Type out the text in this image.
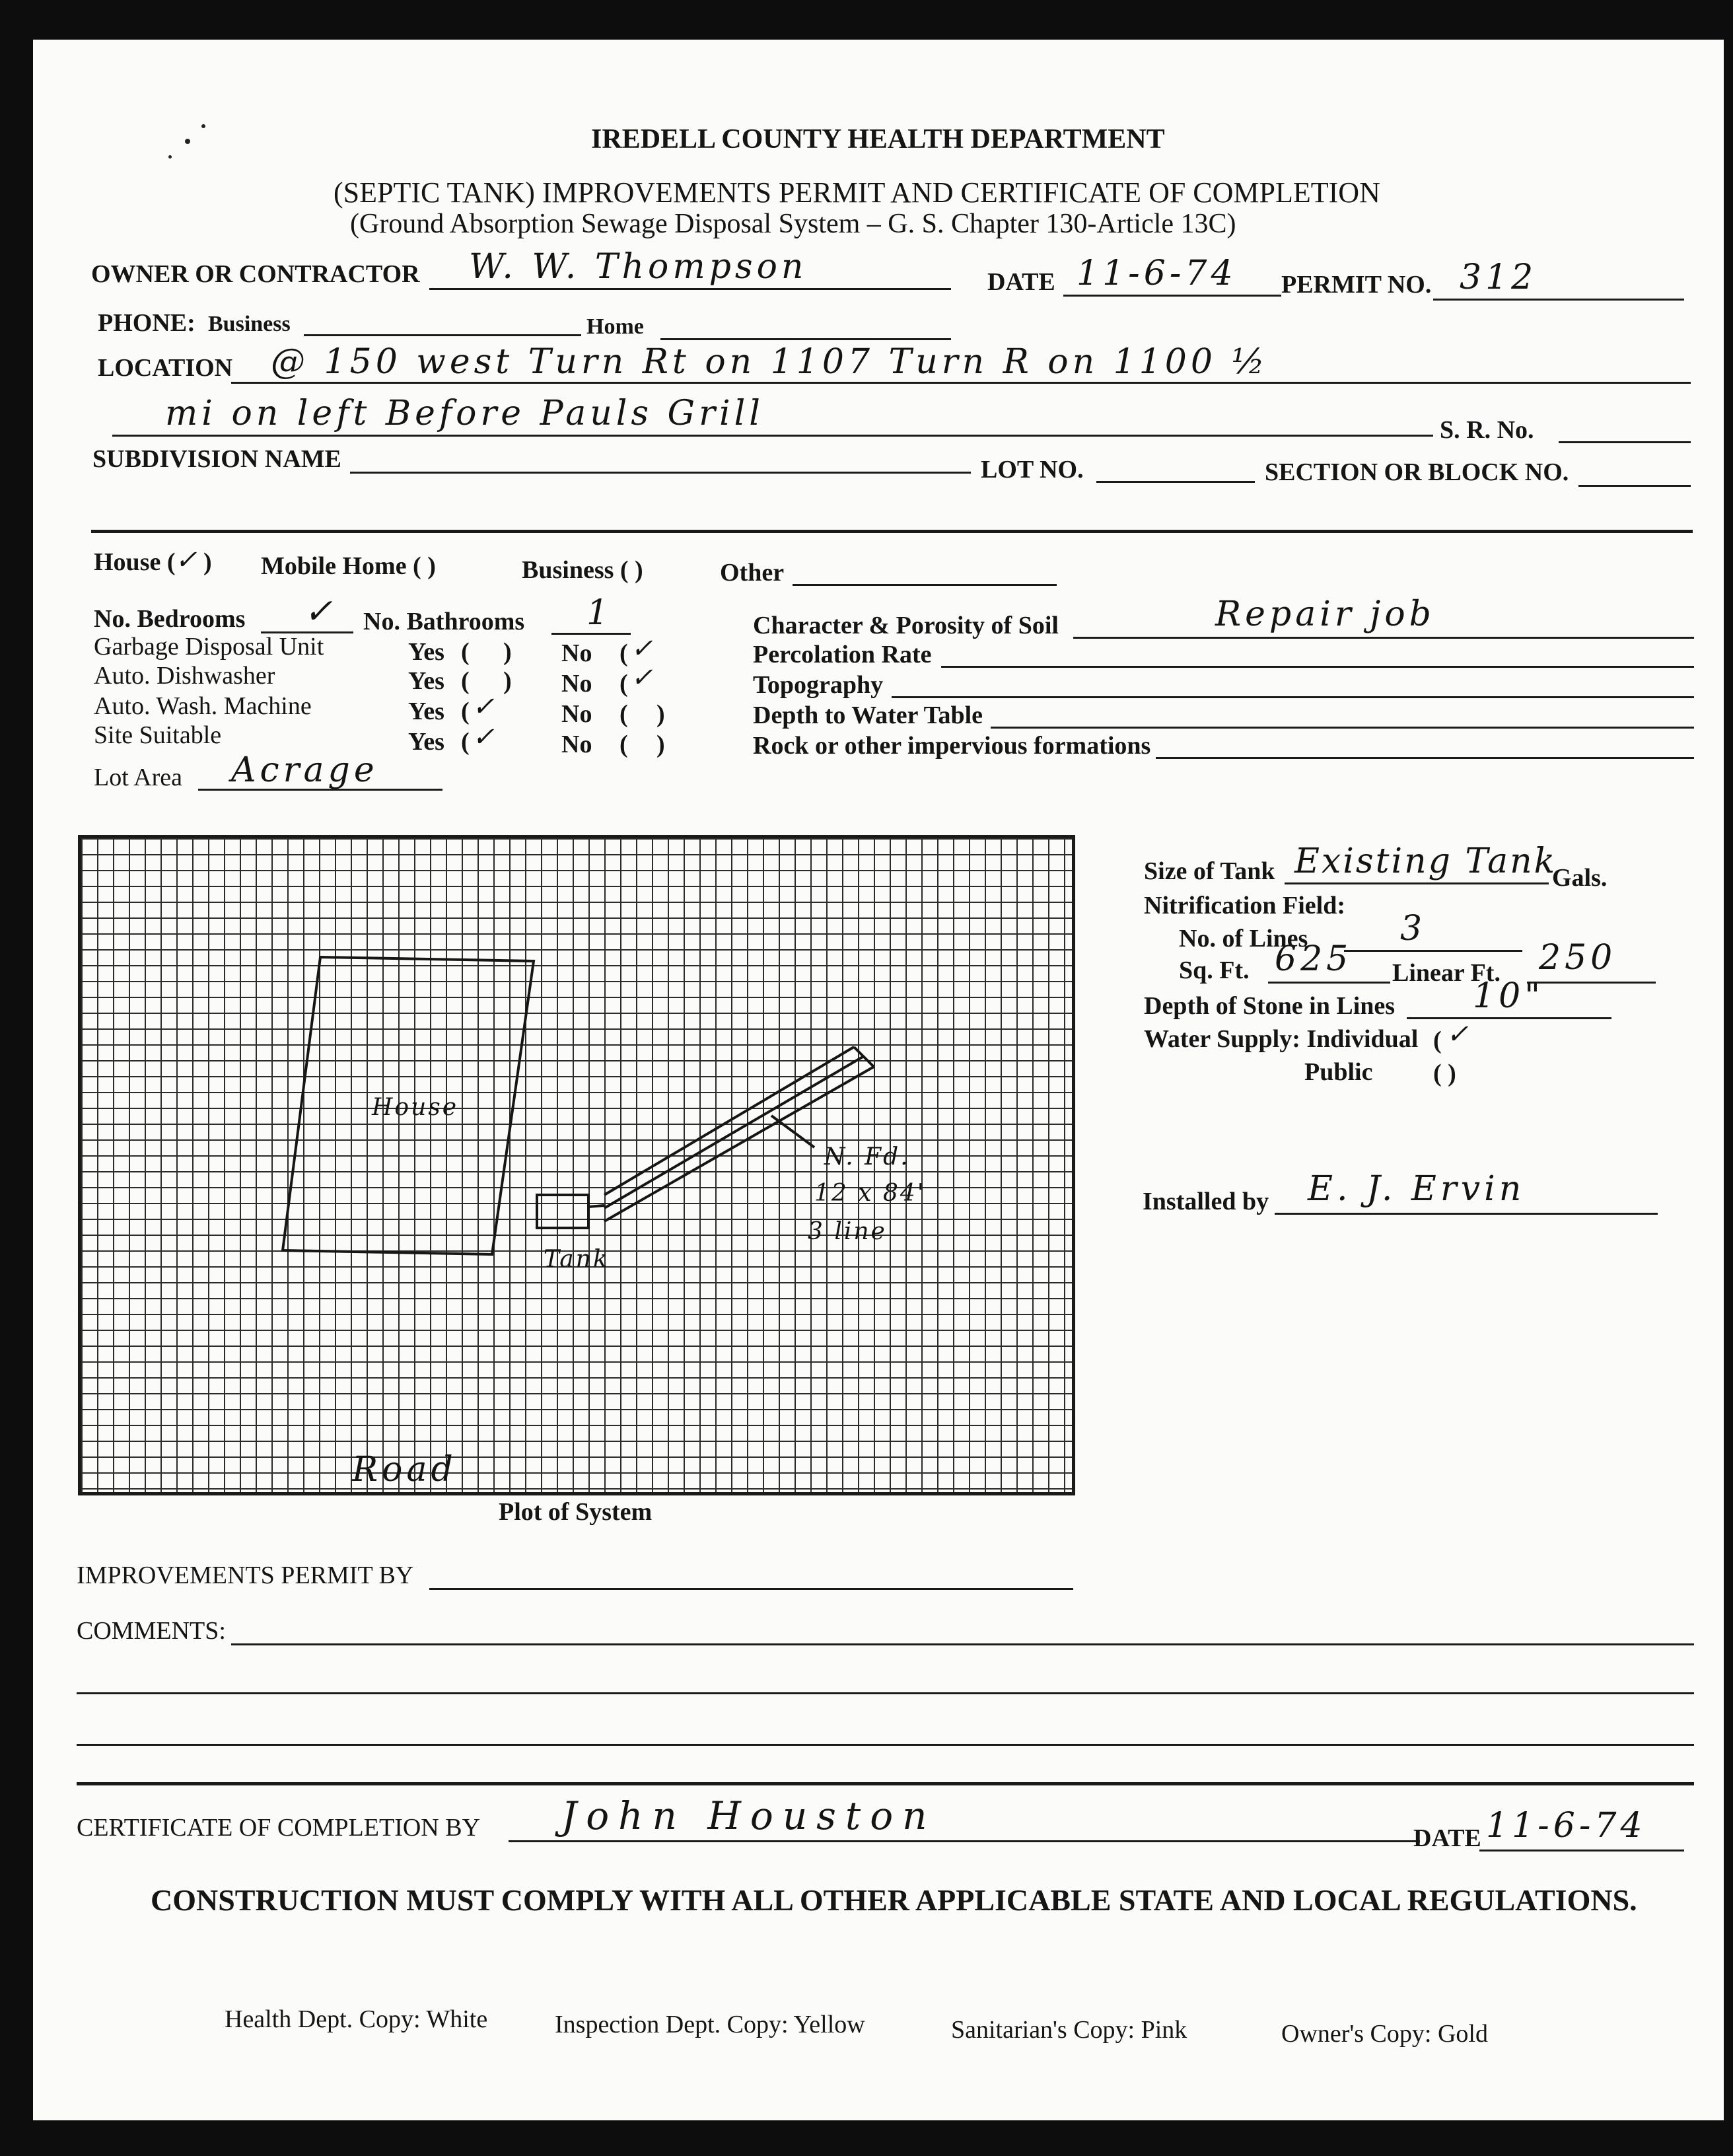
IREDELL COUNTY HEALTH DEPARTMENT
(SEPTIC TANK) IMPROVEMENTS PERMIT AND CERTIFICATE OF COMPLETION
(Ground Absorption Sewage Disposal System – G. S. Chapter 130-Article 13C)
OWNER OR CONTRACTOR W. W. Thompson	DATE 11-6-74 PERMIT NO. 312
PHONE: Business	Home
LOCATION @ 150 west Turn Rt on 1107 Turn R on 1100 ½
mi on left Before Pauls Grill	S. R. No.
SUBDIVISION NAME	LOT NO.	SECTION OR BLOCK NO.
House ( ✓ ) Mobile Home ( )	Business ( )	Other
No. Bedrooms ✓ No. Bathrooms 1
Garbage Disposal Unit	Yes ( ) No ( ✓
Auto. Dishwasher	Yes ( ) No ( ✓
Auto. Wash. Machine	Yes ( ✓	No ( )
Site Suitable	Yes ( ✓	No ( )
Lot Area Acrage
Character & Porosity of Soil	Repair job
Percolation Rate
Topography
Depth to Water Table
Rock or other impervious formations
House
Tank
N. Fd.
12 x 84'
3 line
Road
Plot of System
Size of Tank Existing Tank
Gals.
Nitrification Field:
No. of Lines	3
Sq. Ft. 625 Linear Ft. 250
Depth of Stone in Lines 10"
Water Supply: Individual ( ✓
Public ( )
Installed by E. J. Ervin
IMPROVEMENTS PERMIT BY
COMMENTS:
CERTIFICATE OF COMPLETION BY John Houston	DATE 11-6-74
CONSTRUCTION MUST COMPLY WITH ALL OTHER APPLICABLE STATE AND LOCAL REGULATIONS.
Health Dept. Copy: White	Inspection Dept. Copy: Yellow	Sanitarian's Copy: Pink	Owner's Copy: Gold
